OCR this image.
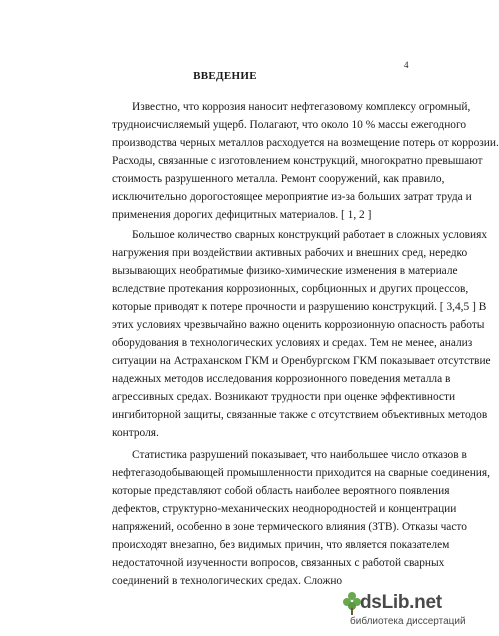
4
ВВЕДЕНИЕ
Известно, что коррозия наносит нефтегазовому комплексу огромный,
трудноисчисляемый ущерб. Полагают, что около 10 % массы ежегодного
производства черных металлов расходуется на возмещение потерь от коррозии.
Расходы, связанные с изготовлением конструкций, многократно превышают
стоимость разрушенного металла. Ремонт сооружений, как правило,
исключительно дорогостоящее мероприятие из-за больших затрат труда и
применения дорогих дефицитных материалов. [ 1, 2 ]
Большое количество сварных конструкций работает в сложных условиях
нагружения при воздействии активных рабочих и внешних сред, нередко
вызывающих необратимые физико-химические изменения в материале
вследствие протекания коррозионных, сорбционных и других процессов,
которые приводят к потере прочности и разрушению конструкций. [ 3,4,5 ] В
этих условиях чрезвычайно важно оценить коррозионную опасность работы
оборудования в технологических условиях и средах. Тем не менее, анализ
ситуации на Астраханском ГКМ и Оренбургском ГКМ показывает отсутствие
надежных методов исследования коррозионного поведения металла в
агрессивных средах. Возникают трудности при оценке эффективности
ингибиторной защиты, связанные также с отсутствием объективных методов
контроля.
Статистика разрушений показывает, что наибольшее число отказов в
нефтегазодобывающей промышленности приходится на сварные соединения,
которые представляют собой область наиболее вероятного появления
дефектов, структурно-механических неоднородностей и концентрации
напряжений, особенно в зоне термического влияния (ЗТВ). Отказы часто
происходят внезапно, без видимых причин, что является показателем
недостаточной изученности вопросов, связанных с работой сварных
соединений в технологических средах. Сложно
dsLib.net
библиотека диссертаций
